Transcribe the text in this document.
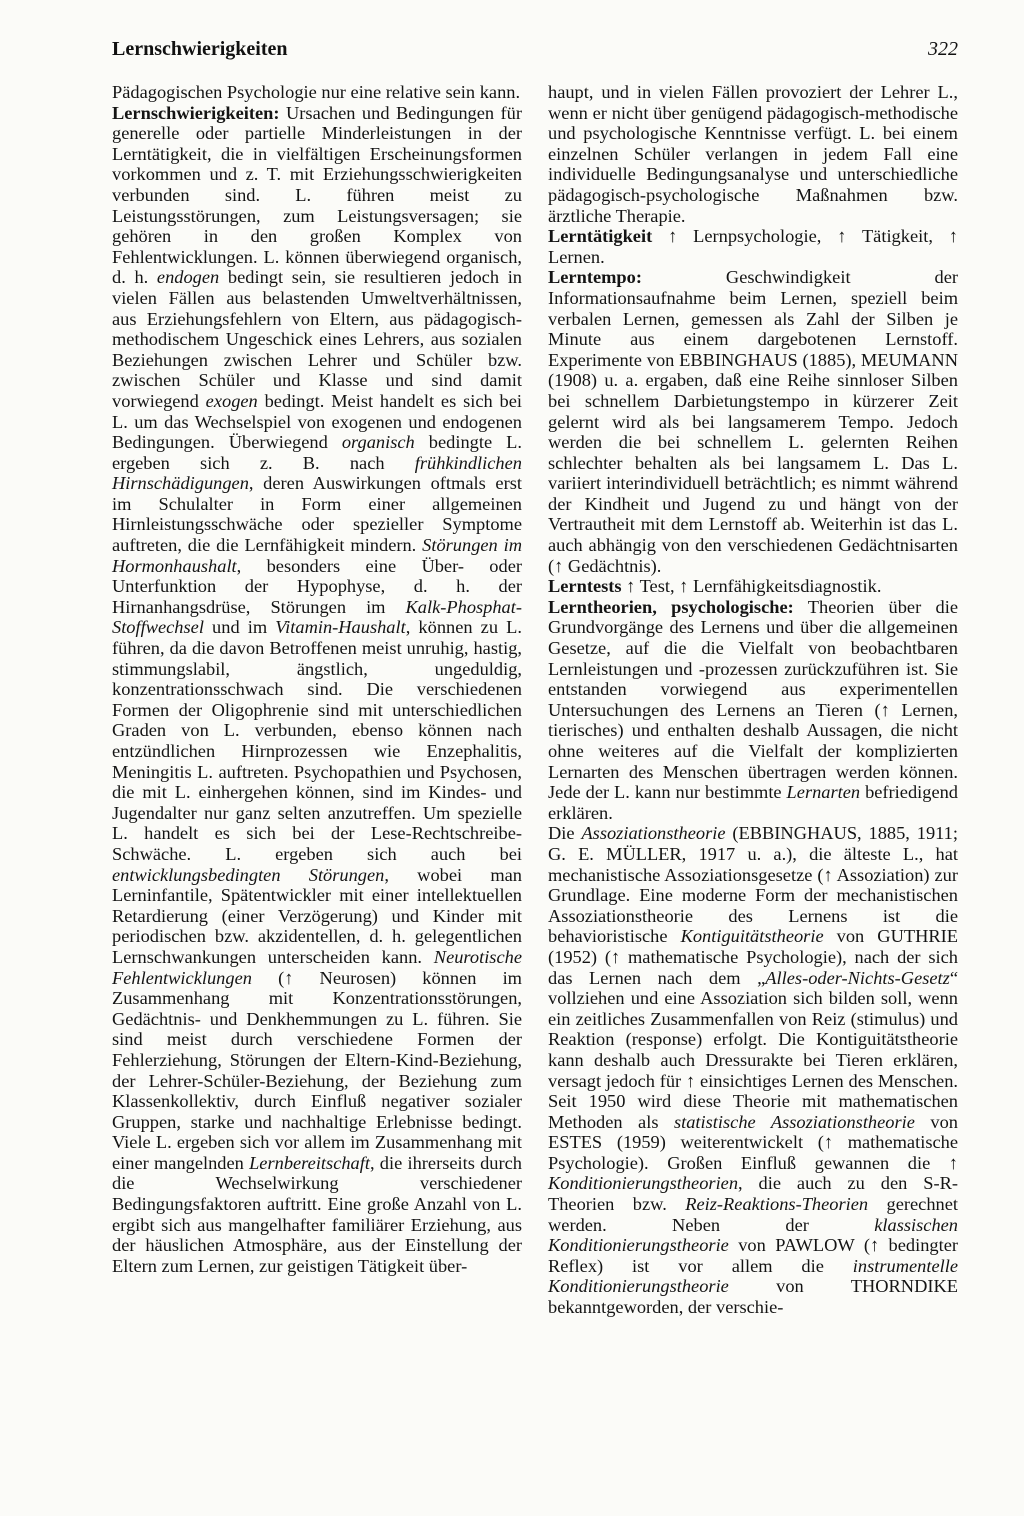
Lernschwierigkeiten	322

Pädagogischen Psychologie nur eine relative sein kann.

Lernschwierigkeiten: Ursachen und Bedingungen für generelle oder partielle Minderleistungen in der Lerntätigkeit, die in vielfältigen Erscheinungsformen vorkommen und z. T. mit Erziehungsschwierigkeiten verbunden sind. L. führen meist zu Leistungsstörungen, zum Leistungsversagen; sie gehören in den großen Komplex von Fehlentwicklungen. L. können überwiegend organisch, d. h. endogen bedingt sein, sie resultieren jedoch in vielen Fällen aus belastenden Umweltverhältnissen, aus Erziehungsfehlern von Eltern, aus pädagogisch-methodischem Ungeschick eines Lehrers, aus sozialen Beziehungen zwischen Lehrer und Schüler bzw. zwischen Schüler und Klasse und sind damit vorwiegend exogen bedingt. Meist handelt es sich bei L. um das Wechselspiel von exogenen und endogenen Bedingungen. Überwiegend organisch bedingte L. ergeben sich z. B. nach frühkindlichen Hirnschädigungen, deren Auswirkungen oftmals erst im Schulalter in Form einer allgemeinen Hirnleistungsschwäche oder spezieller Symptome auftreten, die die Lernfähigkeit mindern. Störungen im Hormonhaushalt, besonders eine Über- oder Unterfunktion der Hypophyse, d. h. der Hirnanhangsdrüse, Störungen im Kalk-Phosphat-Stoffwechsel und im Vitamin-Haushalt, können zu L. führen, da die davon Betroffenen meist unruhig, hastig, stimmungslabil, ängstlich, ungeduldig, konzentrationsschwach sind. Die verschiedenen Formen der Oligophrenie sind mit unterschiedlichen Graden von L. verbunden, ebenso können nach entzündlichen Hirnprozessen wie Enzephalitis, Meningitis L. auftreten. Psychopathien und Psychosen, die mit L. einhergehen können, sind im Kindes- und Jugendalter nur ganz selten anzutreffen. Um spezielle L. handelt es sich bei der Lese-Rechtschreibe-Schwäche. L. ergeben sich auch bei entwicklungsbedingten Störungen, wobei man Lerninfantile, Spätentwickler mit einer intellektuellen Retardierung (einer Verzögerung) und Kinder mit periodischen bzw. akzidentellen, d. h. gelegentlichen Lernschwankungen unterscheiden kann. Neurotische Fehlentwicklungen (↑ Neurosen) können im Zusammenhang mit Konzentrationsstörungen, Gedächtnis- und Denkhemmungen zu L. führen. Sie sind meist durch verschiedene Formen der Fehlerziehung, Störungen der Eltern-Kind-Beziehung, der Lehrer-Schüler-Beziehung, der Beziehung zum Klassenkollektiv, durch Einfluß negativer sozialer Gruppen, starke und nachhaltige Erlebnisse bedingt. Viele L. ergeben sich vor allem im Zusammenhang mit einer mangelnden Lernbereitschaft, die ihrerseits durch die Wechselwirkung verschiedener Bedingungsfaktoren auftritt. Eine große Anzahl von L. ergibt sich aus mangelhafter familiärer Erziehung, aus der häuslichen Atmosphäre, aus der Einstellung der Eltern zum Lernen, zur geistigen Tätigkeit über-

haupt, und in vielen Fällen provoziert der Lehrer L., wenn er nicht über genügend pädagogisch-methodische und psychologische Kenntnisse verfügt. L. bei einem einzelnen Schüler verlangen in jedem Fall eine individuelle Bedingungsanalyse und unterschiedliche pädagogisch-psychologische Maßnahmen bzw. ärztliche Therapie.

Lerntätigkeit ↑ Lernpsychologie, ↑ Tätigkeit, ↑ Lernen.

Lerntempo: Geschwindigkeit der Informationsaufnahme beim Lernen, speziell beim verbalen Lernen, gemessen als Zahl der Silben je Minute aus einem dargebotenen Lernstoff. Experimente von EBBINGHAUS (1885), MEUMANN (1908) u. a. ergaben, daß eine Reihe sinnloser Silben bei schnellem Darbietungstempo in kürzerer Zeit gelernt wird als bei langsamerem Tempo. Jedoch werden die bei schnellem L. gelernten Reihen schlechter behalten als bei langsamem L. Das L. variiert interindividuell beträchtlich; es nimmt während der Kindheit und Jugend zu und hängt von der Vertrautheit mit dem Lernstoff ab. Weiterhin ist das L. auch abhängig von den verschiedenen Gedächtnisarten (↑ Gedächtnis).

Lerntests ↑ Test, ↑ Lernfähigkeitsdiagnostik.

Lerntheorien, psychologische: Theorien über die Grundvorgänge des Lernens und über die allgemeinen Gesetze, auf die die Vielfalt von beobachtbaren Lernleistungen und -prozessen zurückzuführen ist. Sie entstanden vorwiegend aus experimentellen Untersuchungen des Lernens an Tieren (↑ Lernen, tierisches) und enthalten deshalb Aussagen, die nicht ohne weiteres auf die Vielfalt der komplizierten Lernarten des Menschen übertragen werden können. Jede der L. kann nur bestimmte Lernarten befriedigend erklären.

Die Assoziationstheorie (EBBINGHAUS, 1885, 1911; G. E. MÜLLER, 1917 u. a.), die älteste L., hat mechanistische Assoziationsgesetze (↑ Assoziation) zur Grundlage. Eine moderne Form der mechanistischen Assoziationstheorie des Lernens ist die behavioristische Kontiguitätstheorie von GUTHRIE (1952) (↑ mathematische Psychologie), nach der sich das Lernen nach dem „Alles-oder-Nichts-Gesetz“ vollziehen und eine Assoziation sich bilden soll, wenn ein zeitliches Zusammenfallen von Reiz (stimulus) und Reaktion (response) erfolgt. Die Kontiguitätstheorie kann deshalb auch Dressurakte bei Tieren erklären, versagt jedoch für ↑ einsichtiges Lernen des Menschen. Seit 1950 wird diese Theorie mit mathematischen Methoden als statistische Assoziationstheorie von ESTES (1959) weiterentwickelt (↑ mathematische Psychologie). Großen Einfluß gewannen die ↑ Konditionierungstheorien, die auch zu den S-R-Theorien bzw. Reiz-Reaktions-Theorien gerechnet werden. Neben der klassischen Konditionierungstheorie von PAWLOW (↑ bedingter Reflex) ist vor allem die instrumentelle Konditionierungstheorie von THORNDIKE bekanntgeworden, der verschie-
